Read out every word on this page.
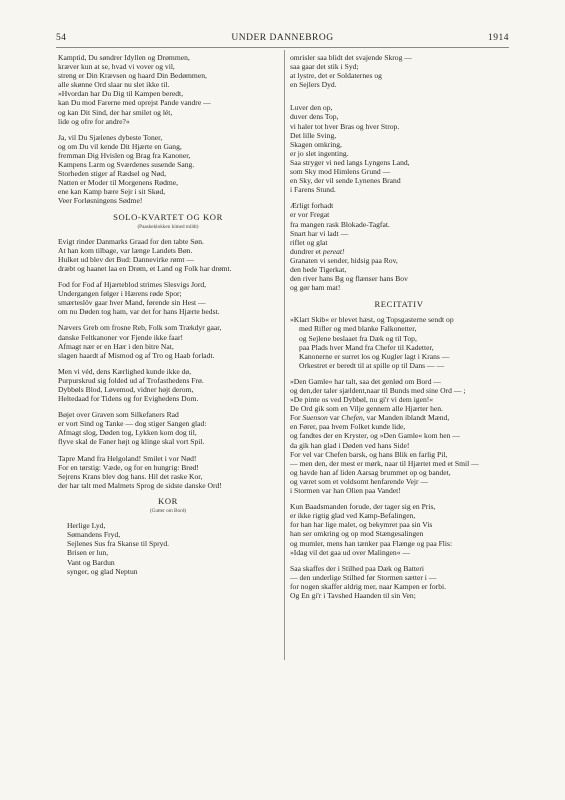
54	UNDER DANNEBROG	1914
Kamptid, Du søndrer Idyllen og Drømmen,
kræver kun at se, hvad vi vover og vil,
streng er Din Krævsen og haard Din Bedømmen,
alle skønne Ord slaar nu slet ikke til.
»Hvordan har Du Dig til Kampen beredt,
kan Du mod Farerne med oprejst Pande vandre —
og kan Dit Sind, der har smilet og lét,
lide og ofre for andre?«
Ja, vil Du Sjælenes dybeste Toner,
og om Du vil kende Dit Hjærte en Gang,
fremman Dig Hvislen og Brag fra Kanoner,
Kampens Larm og Sværdenes susende Sang.
Storheden stiger af Rædsel og Nød,
Natten er Moder til Morgenens Rødme,
ene kan Kamp bære Sejr i sit Skød,
Veer Forløsningens Sødme!
SOLO-KVARTET OG KOR
(Paaskeklokken kimed mildt)
Evigt rinder Danmarks Graad for den tabte Søn.
At han kom tilbage, var længe Landets Bøn.
Hulket ud blev det Bud: Dannevirke rømt —
dræbt og haanet laa en Drøm, et Land og Folk har drømt.
Fod for Fod af Hjærteblod strimes Slesvigs Jord,
Undergangen følger i Hærens røde Spor;
smærteslöv gaar hver Mand, førende sin Hest —
om nu Døden tog ham, var det for hans Hjærte bedst.
Nævers Greb om frosne Reb, Folk som Trækdyr gaar,
danske Feltkanoner vor Fjende ikke faar!
Afmagt nær er en Hær i den bitre Nat,
slagen haardt af Mismod og af Tro og Haab forladt.
Men vi véd, dens Kærlighed kunde ikke dø,
Purpurskrud sig folded ud af Trofasthedens Frø.
Dybbøls Blod, Løvemod, vidner højt derom,
Heltedaad for Tidens og for Evighedens Dom.
Bøjet over Graven som Silkefaners Rad
er vort Sind og Tanke — dog stiger Sangen glad:
Afmagt slog, Døden tog, Lykken kom dog til,
flyve skal de Faner højt og klinge skal vort Spil.
Tapre Mand fra Helgoland! Smilet i vor Nød!
For en tørstig: Væde, og for en hungrig: Brød!
Sejrens Krans blev dog hans. Hil det raske Kor,
der har talt med Malmets Sprog de sidste danske Ord!
KOR
(Gutter om Bord)
Herlige Lyd,
Sømandens Fryd,
Sejlenes Sus fra Skanse til Spryd.
Brisen er lun,
Vant og Bardun
synger, og glad Neptun
omrisler saa blidt det svajende Skrog —
saa gaar det stik i Syd;
at lystre, det er Soldaternes og
en Sejlers Dyd.
Luver den op,
duver dens Top,
vi haler tot hver Bras og hver Strop.
Det lille Sving,
Skagen omkring,
er jo slet ingenting.
Saa stryger vi ned langs Lyngens Land,
som Sky mod Himlens Grund —
en Sky, der vil sende Lynenes Brand
i Farens Stund.
Ærligt forhadt
er vor Fregat
fra mangen rask Blokade-Tagfat.
Snart har vi ladt —
riflet og glat
dundrer et pereat!
Granaten vi sender, hidsig paa Rov,
den hede Tigerkat,
den river hans Bg og flænser hans Bov
og gør ham mat!
RECITATIV
»Klart Skib« er blevet hæst, og Topsgasterne sendt op
med Rifler og med blanke Falkonetter,
og Sejlene beslaaet fra Dæk og til Top,
paa Plads hver Mand fra Chefer til Kadetter,
Kanonerne er surret los og Kugler lagt i Krans —
Orkestret er beredt til at spille op til Dans — —
»Den Gamle« har talt, saa det genlød om Bord —
og den,der taler sjældent,naar til Bunds med sine Ord — ;
»De pinte os ved Dybbøl, nu gi'r vi dem igen!«
De Ord gik som en Vilje gennem alle Hjærter hen.
For Suenson var Chefen, var Manden iblandt Mænd,
en Fører, paa hvem Folket kunde lide,
og fandtes der en Kryster, og »Den Gamle« kom hen —
da gik han glad i Døden ved hans Side!
For vel var Chefen barsk, og hans Blik en farlig Pil,
— men den, der mest er mørk, naar til Hjærtet med et Smil —
og havde han af liden Aarsag brummet op og bandet,
og været som et voldsomt henfarende Vejr —
i Stormen var han Olien paa Vandet!
Kun Baadsmanden forude, der tager sig en Pris,
er ikke rigtig glad ved Kamp-Befalingen,
for han har lige malet, og bekymret paa sin Vis
han ser omkring og op mod Stængesalingen
og mumler, mens han tænker paa Flænge og paa Flis:
»Idag vil det gaa ud over Malingen« —
Saa skaffes der i Stilhed paa Dæk og Batteri
— den underlige Stilhed før Stormen sætter i —
for nogen skaffer aldrig mer, naar Kampen er forbi.
Og En gi'r i Tavshed Haanden til sin Ven;
